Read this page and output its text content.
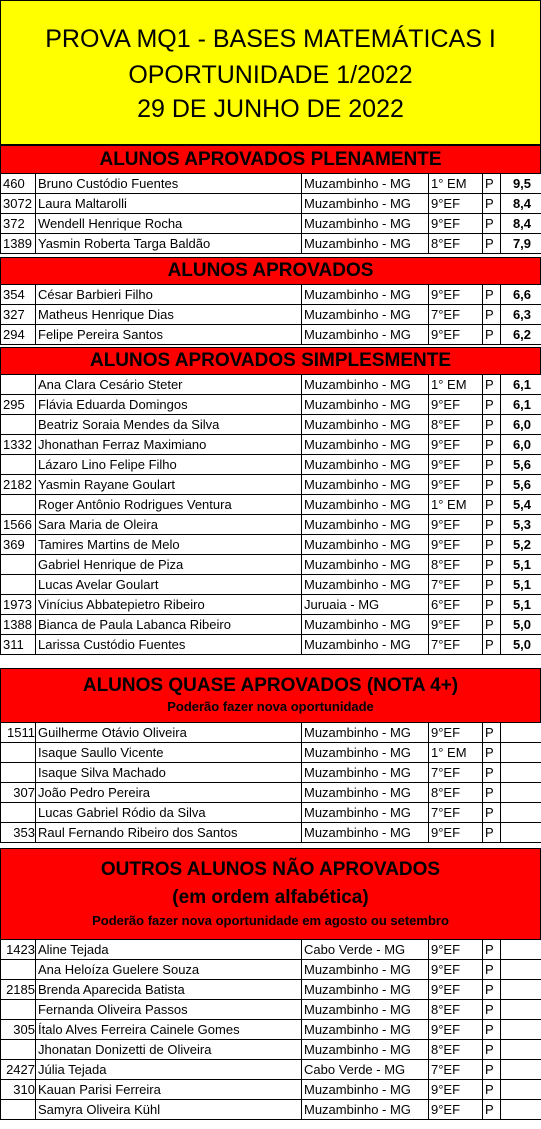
PROVA MQ1 - BASES MATEMÁTICAS I
OPORTUNIDADE 1/2022
29 DE JUNHO DE 2022
ALUNOS APROVADOS PLENAMENTE
460	Bruno Custódio Fuentes	Muzambinho - MG	1° EM	P	9,5
3072	Laura Maltarolli	Muzambinho - MG	9°EF	P	8,4
372	Wendell Henrique Rocha	Muzambinho - MG	9°EF	P	8,4
1389	Yasmin Roberta Targa Baldão	Muzambinho - MG	8°EF	P	7,9
ALUNOS APROVADOS
354	César Barbieri Filho	Muzambinho - MG	9°EF	P	6,6
327	Matheus Henrique Dias	Muzambinho - MG	7°EF	P	6,3
294	Felipe Pereira Santos	Muzambinho - MG	9°EF	P	6,2
ALUNOS APROVADOS SIMPLESMENTE
	Ana Clara Cesário Steter	Muzambinho - MG	1° EM	P	6,1
295	Flávia Eduarda Domingos	Muzambinho - MG	9°EF	P	6,1
	Beatriz Soraia Mendes da Silva	Muzambinho - MG	8°EF	P	6,0
1332	Jhonathan Ferraz Maximiano	Muzambinho - MG	9°EF	P	6,0
	Lázaro Lino Felipe Filho	Muzambinho - MG	9°EF	P	5,6
2182	Yasmin Rayane Goulart	Muzambinho - MG	9°EF	P	5,6
	Roger Antônio Rodrigues Ventura	Muzambinho - MG	1° EM	P	5,4
1566	Sara Maria de Oleira	Muzambinho - MG	9°EF	P	5,3
369	Tamires Martins de Melo	Muzambinho - MG	9°EF	P	5,2
	Gabriel Henrique de Piza	Muzambinho - MG	8°EF	P	5,1
	Lucas Avelar Goulart	Muzambinho - MG	7°EF	P	5,1
1973	Vinícius Abbatepietro Ribeiro	Juruaia - MG	6°EF	P	5,1
1388	Bianca de Paula Labanca Ribeiro	Muzambinho - MG	9°EF	P	5,0
311	Larissa Custódio Fuentes	Muzambinho - MG	7°EF	P	5,0
ALUNOS QUASE APROVADOS (NOTA 4+)
Poderão fazer nova oportunidade
1511	Guilherme Otávio Oliveira	Muzambinho - MG	9°EF	P	
	Isaque Saullo Vicente	Muzambinho - MG	1° EM	P	
	Isaque Silva Machado	Muzambinho - MG	7°EF	P	
307	João Pedro Pereira	Muzambinho - MG	8°EF	P	
	Lucas Gabriel Ródio da Silva	Muzambinho - MG	7°EF	P	
353	Raul Fernando Ribeiro dos Santos	Muzambinho - MG	9°EF	P	
OUTROS ALUNOS NÃO APROVADOS
(em ordem alfabética)
Poderão fazer nova oportunidade em agosto ou setembro
1423	Aline Tejada	Cabo Verde - MG	9°EF	P	
	Ana Heloíza Guelere Souza	Muzambinho - MG	9°EF	P	
2185	Brenda Aparecida Batista	Muzambinho - MG	9°EF	P	
	Fernanda Oliveira Passos	Muzambinho - MG	8°EF	P	
305	Ítalo Alves Ferreira Cainele Gomes	Muzambinho - MG	9°EF	P	
	Jhonatan Donizetti de Oliveira	Muzambinho - MG	8°EF	P	
2427	Júlia Tejada	Cabo Verde - MG	7°EF	P	
310	Kauan Parisi Ferreira	Muzambinho - MG	9°EF	P	
	Samyra Oliveira Kühl	Muzambinho - MG	9°EF	P	
